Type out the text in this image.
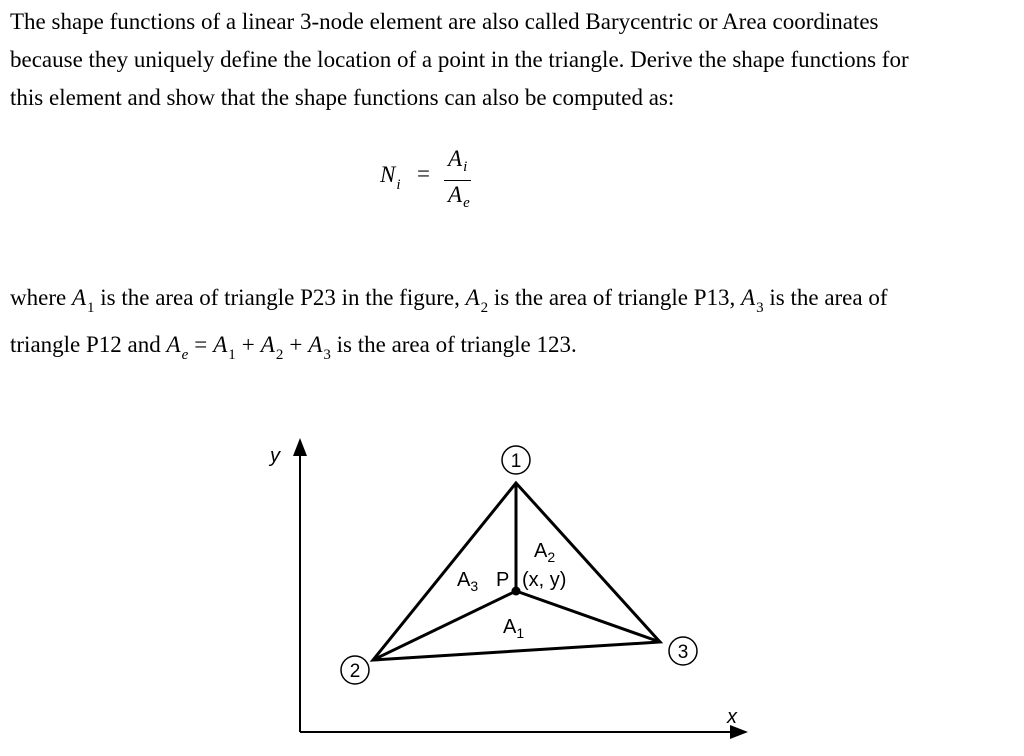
The shape functions of a linear 3-node element are also called Barycentric or Area coordinates
because they uniquely define the location of a point in the triangle. Derive the shape functions for
this element and show that the shape functions can also be computed as:

$N_i$ =
$A_i$
$A_e$

where $A_1$ is the area of triangle P23 in the figure, $A_2$ is the area of triangle P13, $A_3$ is the area of
triangle P12 and $A_e = A_1 + A_2 + A_3$ is the area of triangle 123.

y
x
1
2
3
$A_2$
$A_3$ P (x, y)
$A_1$
